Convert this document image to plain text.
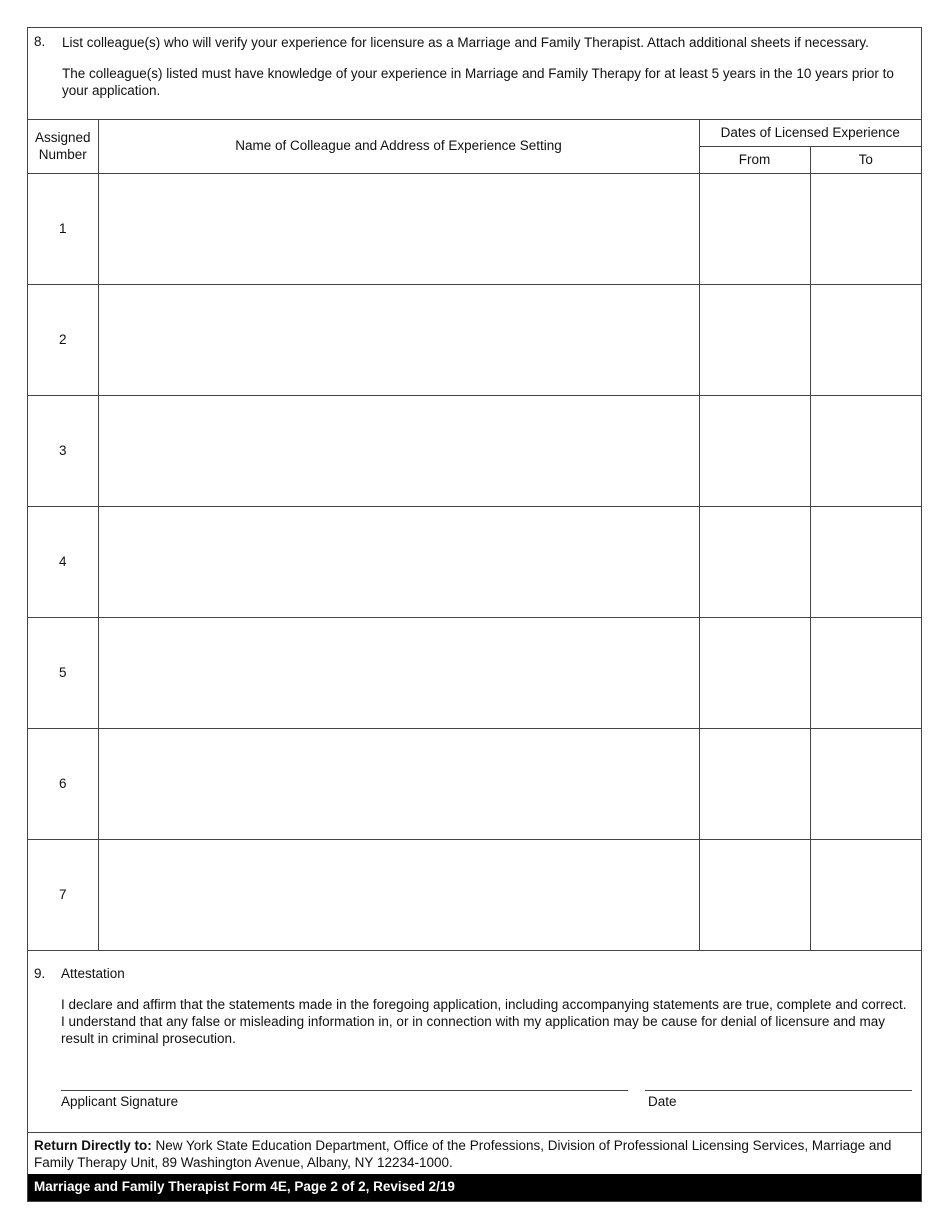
8. List colleague(s) who will verify your experience for licensure as a Marriage and Family Therapist. Attach additional sheets if necessary.
The colleague(s) listed must have knowledge of your experience in Marriage and Family Therapy for at least 5 years in the 10 years prior to your application.
Assigned Number	Name of Colleague and Address of Experience Setting	Dates of Licensed Experience	
		From	To
1			
2			
3			
4			
5			
6			
7			
9. Attestation
I declare and affirm that the statements made in the foregoing application, including accompanying statements are true, complete and correct. I understand that any false or misleading information in, or in connection with my application may be cause for denial of licensure and may result in criminal prosecution.
Applicant Signature	Date
Return Directly to: New York State Education Department, Office of the Professions, Division of Professional Licensing Services, Marriage and Family Therapy Unit, 89 Washington Avenue, Albany, NY 12234-1000.
Marriage and Family Therapist Form 4E, Page 2 of 2, Revised 2/19
